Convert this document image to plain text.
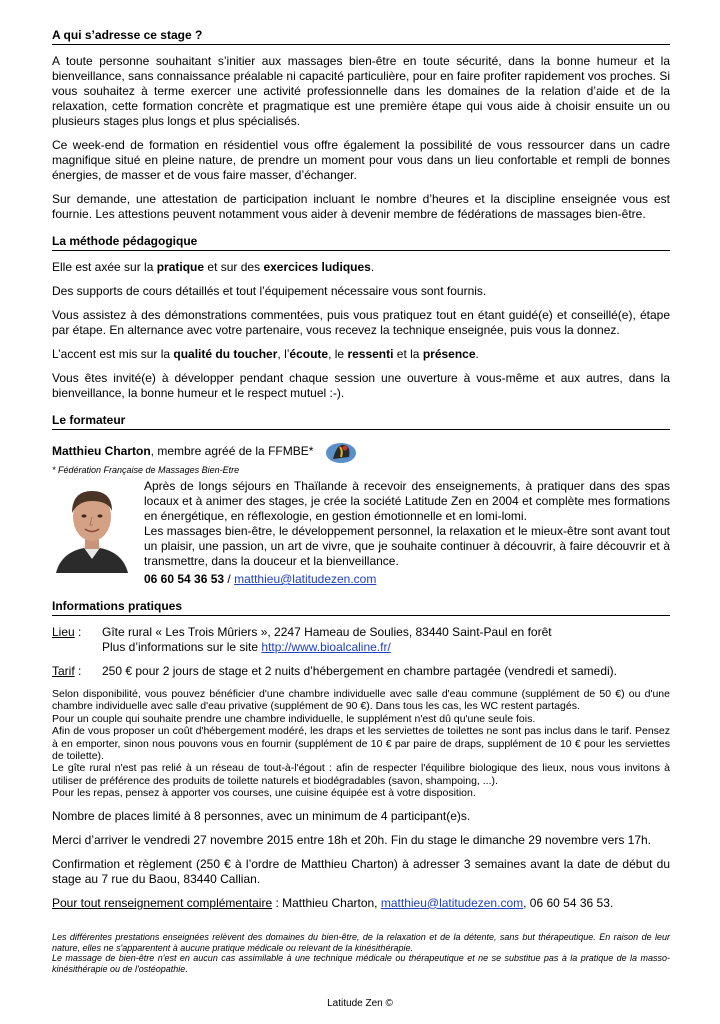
A qui s’adresse ce stage ?

A toute personne souhaitant s’initier aux massages bien-être en toute sécurité, dans la bonne humeur et la bienveillance, sans connaissance préalable ni capacité particulière, pour en faire profiter rapidement vos proches. Si vous souhaitez à terme exercer une activité professionnelle dans les domaines de la relation d’aide et de la relaxation, cette formation concrète et pragmatique est une première étape qui vous aide à choisir ensuite un ou plusieurs stages plus longs et plus spécialisés.

Ce week-end de formation en résidentiel vous offre également la possibilité de vous ressourcer dans un cadre magnifique situé en pleine nature, de prendre un moment pour vous dans un lieu confortable et rempli de bonnes énergies, de masser et de vous faire masser, d’échanger.

Sur demande, une attestation de participation incluant le nombre d’heures et la discipline enseignée vous est fournie. Les attestions peuvent notamment vous aider à devenir membre de fédérations de massages bien-être.

La méthode pédagogique

Elle est axée sur la pratique et sur des exercices ludiques.

Des supports de cours détaillés et tout l’équipement nécessaire vous sont fournis.

Vous assistez à des démonstrations commentées, puis vous pratiquez tout en étant guidé(e) et conseillé(e), étape par étape. En alternance avec votre partenaire, vous recevez la technique enseignée, puis vous la donnez.

L’accent est mis sur la qualité du toucher, l’écoute, le ressenti et la présence.

Vous êtes invité(e) à développer pendant chaque session une ouverture à vous-même et aux autres, dans la bienveillance, la bonne humeur et le respect mutuel :-).

Le formateur
Matthieu Charton, membre agréé de la FFMBE*
* Fédération Française de Massages Bien-Etre

Après de longs séjours en Thaïlande à recevoir des enseignements, à pratiquer dans des spas locaux et à animer des stages, je crée la société Latitude Zen en 2004 et complète mes formations en énergétique, en réflexologie, en gestion émotionnelle et en lomi-lomi.

Les massages bien-être, le développement personnel, la relaxation et le mieux-être sont avant tout un plaisir, une passion, un art de vivre, que je souhaite continuer à découvrir, à faire découvrir et à transmettre, dans la douceur et la bienveillance.

06 60 54 36 53 / matthieu@latitudezen.com
Informations pratiques
Lieu :	Gîte rural « Les Trois Mûriers », 2247 Hameau de Soulies, 83440 Saint-Paul en forêt
Plus d’informations sur le site http://www.bioalcaline.fr/
Tarif :	250 € pour 2 jours de stage et 2 nuits d’hébergement en chambre partagée (vendredi et samedi).
Selon disponibilité, vous pouvez bénéficier d'une chambre individuelle avec salle d'eau commune (supplément de 50 €) ou d'une chambre individuelle avec salle d'eau privative (supplément de 90 €). Dans tous les cas, les WC restent partagés.
Pour un couple qui souhaite prendre une chambre individuelle, le supplément n'est dû qu'une seule fois.
Afin de vous proposer un coût d'hébergement modéré, les draps et les serviettes de toilettes ne sont pas inclus dans le tarif. Pensez à en emporter, sinon nous pouvons vous en fournir (supplément de 10 € par paire de draps, supplément de 10 € pour les serviettes de toilette).
Le gîte rural n'est pas relié à un réseau de tout-à-l'égout : afin de respecter l'équilibre biologique des lieux, nous vous invitons à utiliser de préférence des produits de toilette naturels et biodégradables (savon, shampoing, ...).
Pour les repas, pensez à apporter vos courses, une cuisine équipée est à votre disposition.

Nombre de places limité à 8 personnes, avec un minimum de 4 participant(e)s.

Merci d’arriver le vendredi 27 novembre 2015 entre 18h et 20h. Fin du stage le dimanche 29 novembre vers 17h.

Confirmation et règlement (250 € à l’ordre de Matthieu Charton) à adresser 3 semaines avant la date de début du stage au 7 rue du Baou, 83440 Callian.

Pour tout renseignement complémentaire : Matthieu Charton, matthieu@latitudezen.com, 06 60 54 36 53.

Les différentes prestations enseignées relèvent des domaines du bien-être, de la relaxation et de la détente, sans but thérapeutique. En raison de leur nature, elles ne s'apparentent à aucune pratique médicale ou relevant de la kinésithérapie.
Le massage de bien-être n'est en aucun cas assimilable à une technique médicale ou thérapeutique et ne se substitue pas à la pratique de la masso-kinésithérapie ou de l'ostéopathie.
Latitude Zen ©
